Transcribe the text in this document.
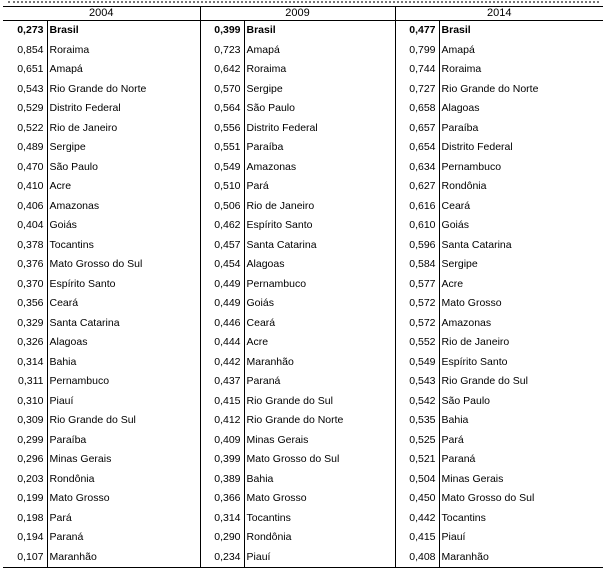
2004		2009		2014	
0,273	Brasil	0,399	Brasil	0,477	Brasil
0,854	Roraima	0,723	Amapá	0,799	Amapá
0,651	Amapá	0,642	Roraima	0,744	Roraima
0,543	Rio Grande do Norte	0,570	Sergipe	0,727	Rio Grande do Norte
0,529	Distrito Federal	0,564	São Paulo	0,658	Alagoas
0,522	Rio de Janeiro	0,556	Distrito Federal	0,657	Paraíba
0,489	Sergipe	0,551	Paraíba	0,654	Distrito Federal
0,470	São Paulo	0,549	Amazonas	0,634	Pernambuco
0,410	Acre	0,510	Pará	0,627	Rondônia
0,406	Amazonas	0,506	Rio de Janeiro	0,616	Ceará
0,404	Goiás	0,462	Espírito Santo	0,610	Goiás
0,378	Tocantins	0,457	Santa Catarina	0,596	Santa Catarina
0,376	Mato Grosso do Sul	0,454	Alagoas	0,584	Sergipe
0,370	Espírito Santo	0,449	Pernambuco	0,577	Acre
0,356	Ceará	0,449	Goiás	0,572	Mato Grosso
0,329	Santa Catarina	0,446	Ceará	0,572	Amazonas
0,326	Alagoas	0,444	Acre	0,552	Rio de Janeiro
0,314	Bahia	0,442	Maranhão	0,549	Espírito Santo
0,311	Pernambuco	0,437	Paraná	0,543	Rio Grande do Sul
0,310	Piauí	0,415	Rio Grande do Sul	0,542	São Paulo
0,309	Rio Grande do Sul	0,412	Rio Grande do Norte	0,535	Bahia
0,299	Paraíba	0,409	Minas Gerais	0,525	Pará
0,296	Minas Gerais	0,399	Mato Grosso do Sul	0,521	Paraná
0,203	Rondônia	0,389	Bahia	0,504	Minas Gerais
0,199	Mato Grosso	0,366	Mato Grosso	0,450	Mato Grosso do Sul
0,198	Pará	0,314	Tocantins	0,442	Tocantins
0,194	Paraná	0,290	Rondônia	0,415	Piauí
0,107	Maranhão	0,234	Piauí	0,408	Maranhão
